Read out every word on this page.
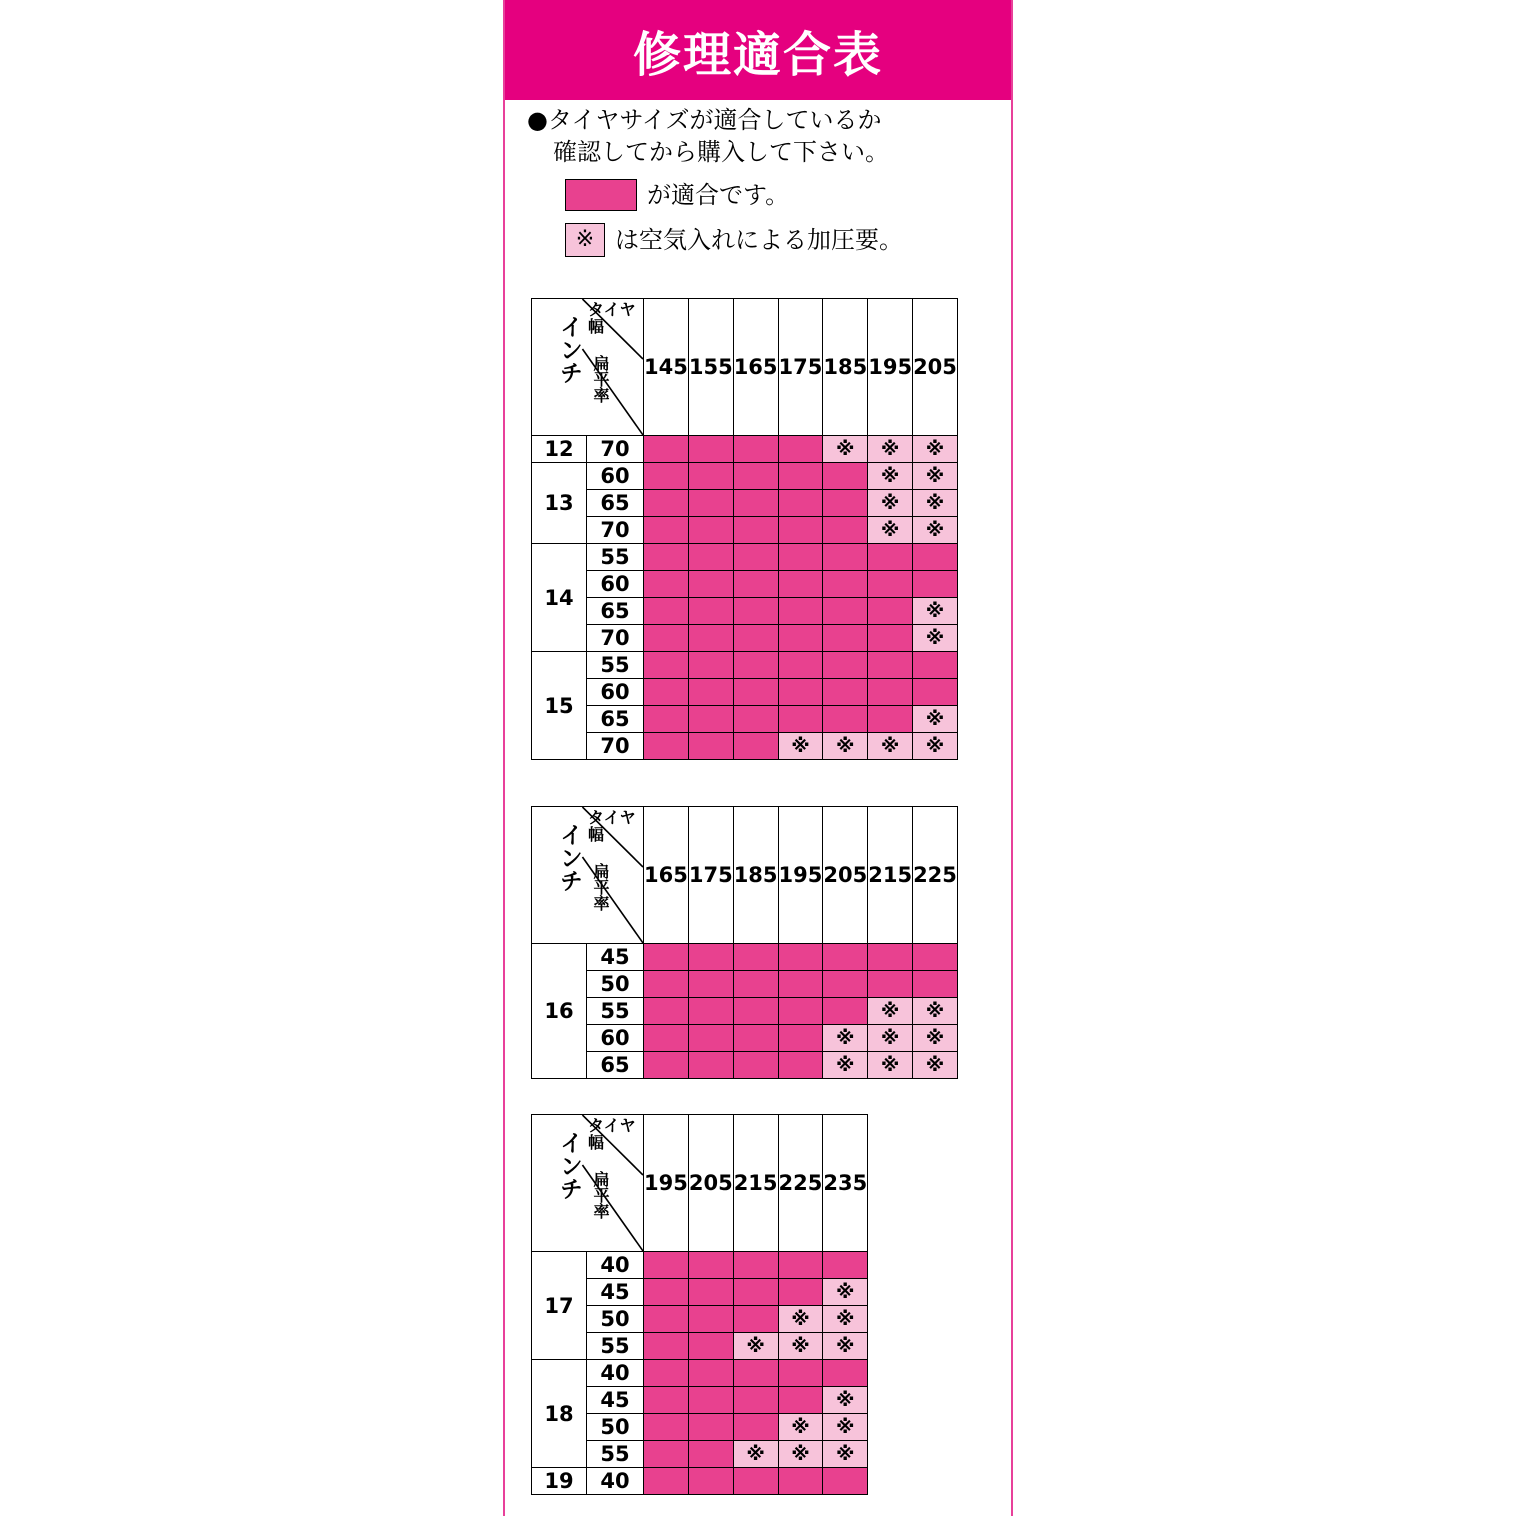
修理適合表
●タイヤサイズが適合しているか
確認してから購入して下さい。
が適合です。
※ は空気入れによる加圧要。
インチ
タイヤ幅
扁平率		145	155	165	175	185	195	205
12	70					※	※	※
13	60						※	※
	65						※	※
	70						※	※
14	55							
	60							
	65							※
	70							※
15	55							
	60							
	65							※
	70				※	※	※	※
インチ
タイヤ幅
扁平率		165	175	185	195	205	215	225
16	45							
	50							
	55						※	※
	60					※	※	※
	65					※	※	※
インチ
タイヤ幅
扁平率		195	205	215	225	235
17	40					
	45					※
	50				※	※
	55			※	※	※
18	40					
	45					※
	50				※	※
	55			※	※	※
19	40					
